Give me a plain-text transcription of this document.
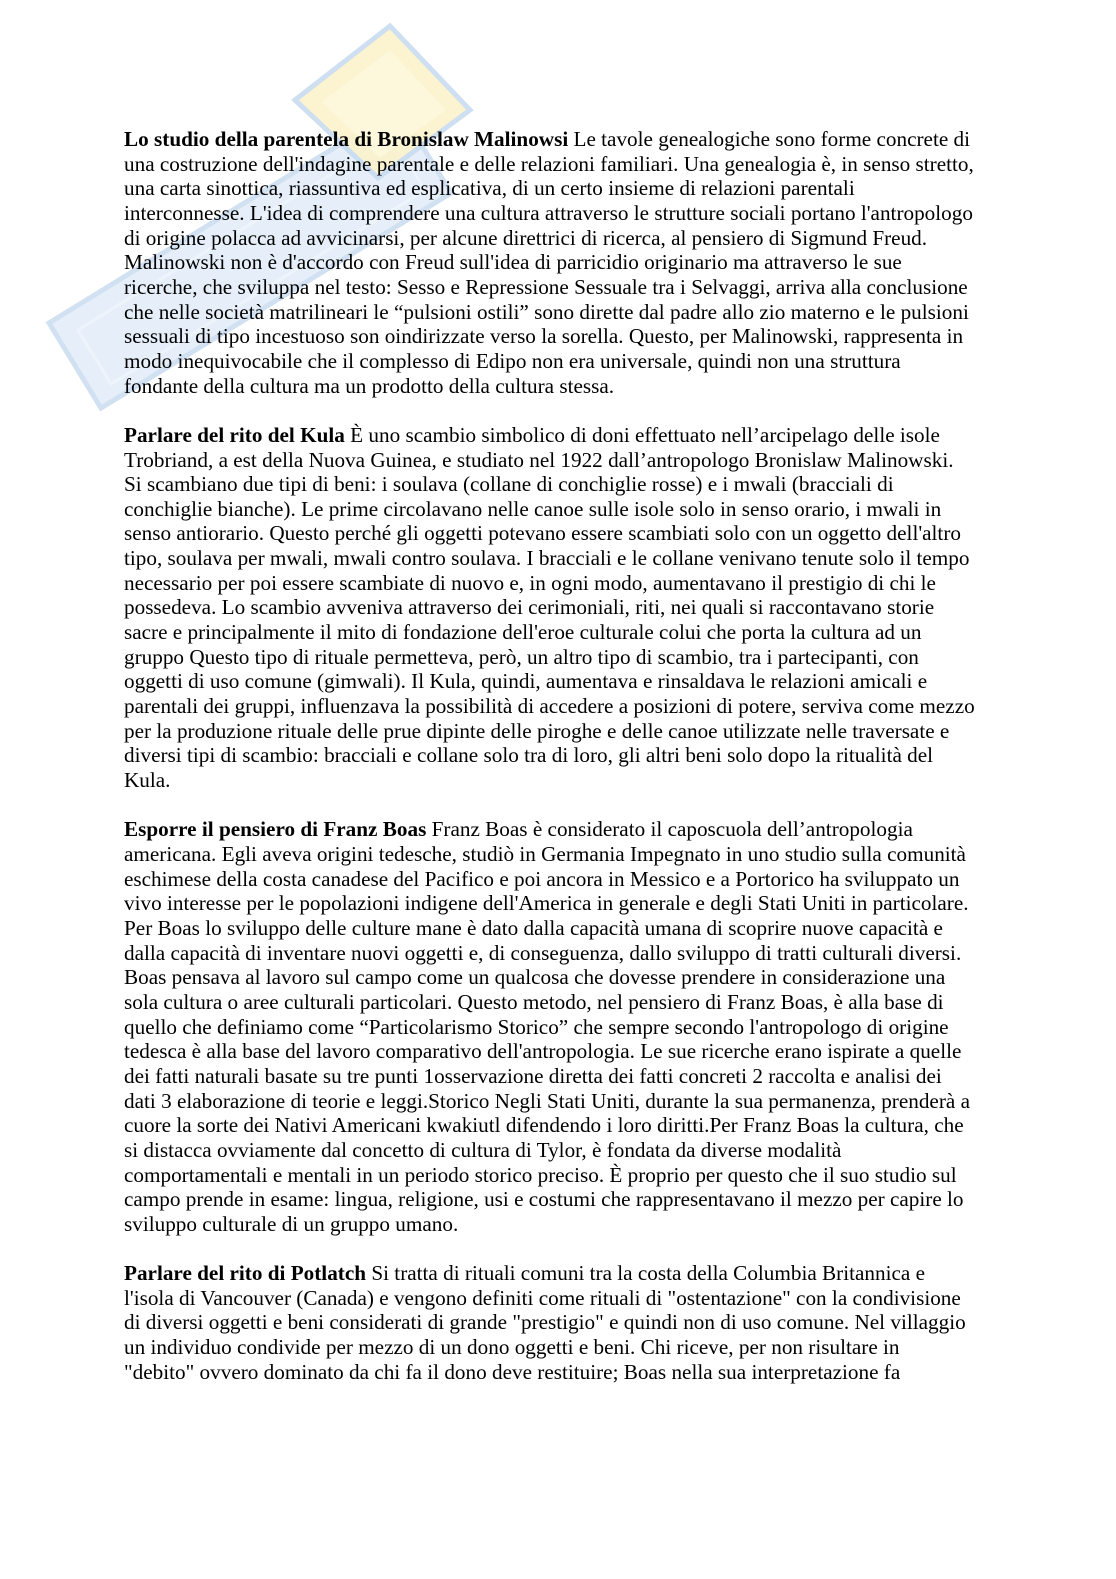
Lo studio della parentela di Bronislaw Malinowsi Le tavole genealogiche sono forme concrete di
una costruzione dell'indagine parentale e delle relazioni familiari. Una genealogia è, in senso stretto,
una carta sinottica, riassuntiva ed esplicativa, di un certo insieme di relazioni parentali
interconnesse. L'idea di comprendere una cultura attraverso le strutture sociali portano l'antropologo
di origine polacca ad avvicinarsi, per alcune direttrici di ricerca, al pensiero di Sigmund Freud.
Malinowski non è d'accordo con Freud sull'idea di parricidio originario ma attraverso le sue
ricerche, che sviluppa nel testo: Sesso e Repressione Sessuale tra i Selvaggi, arriva alla conclusione
che nelle società matrilineari le “pulsioni ostili” sono dirette dal padre allo zio materno e le pulsioni
sessuali di tipo incestuoso son oindirizzate verso la sorella. Questo, per Malinowski, rappresenta in
modo inequivocabile che il complesso di Edipo non era universale, quindi non una struttura
fondante della cultura ma un prodotto della cultura stessa.
Parlare del rito del Kula È uno scambio simbolico di doni effettuato nell’arcipelago delle isole
Trobriand, a est della Nuova Guinea, e studiato nel 1922 dall’antropologo Bronislaw Malinowski.
Si scambiano due tipi di beni: i soulava (collane di conchiglie rosse) e i mwali (bracciali di
conchiglie bianche). Le prime circolavano nelle canoe sulle isole solo in senso orario, i mwali in
senso antiorario. Questo perché gli oggetti potevano essere scambiati solo con un oggetto dell'altro
tipo, soulava per mwali, mwali contro soulava. I bracciali e le collane venivano tenute solo il tempo
necessario per poi essere scambiate di nuovo e, in ogni modo, aumentavano il prestigio di chi le
possedeva. Lo scambio avveniva attraverso dei cerimoniali, riti, nei quali si raccontavano storie
sacre e principalmente il mito di fondazione dell'eroe culturale colui che porta la cultura ad un
gruppo Questo tipo di rituale permetteva, però, un altro tipo di scambio, tra i partecipanti, con
oggetti di uso comune (gimwali). Il Kula, quindi, aumentava e rinsaldava le relazioni amicali e
parentali dei gruppi, influenzava la possibilità di accedere a posizioni di potere, serviva come mezzo
per la produzione rituale delle prue dipinte delle piroghe e delle canoe utilizzate nelle traversate e
diversi tipi di scambio: bracciali e collane solo tra di loro, gli altri beni solo dopo la ritualità del
Kula.
Esporre il pensiero di Franz Boas Franz Boas è considerato il caposcuola dell’antropologia
americana. Egli aveva origini tedesche, studiò in Germania Impegnato in uno studio sulla comunità
eschimese della costa canadese del Pacifico e poi ancora in Messico e a Portorico ha sviluppato un
vivo interesse per le popolazioni indigene dell'America in generale e degli Stati Uniti in particolare.
Per Boas lo sviluppo delle culture mane è dato dalla capacità umana di scoprire nuove capacità e
dalla capacità di inventare nuovi oggetti e, di conseguenza, dallo sviluppo di tratti culturali diversi.
Boas pensava al lavoro sul campo come un qualcosa che dovesse prendere in considerazione una
sola cultura o aree culturali particolari. Questo metodo, nel pensiero di Franz Boas, è alla base di
quello che definiamo come “Particolarismo Storico” che sempre secondo l'antropologo di origine
tedesca è alla base del lavoro comparativo dell'antropologia. Le sue ricerche erano ispirate a quelle
dei fatti naturali basate su tre punti 1osservazione diretta dei fatti concreti 2 raccolta e analisi dei
dati 3 elaborazione di teorie e leggi.Storico Negli Stati Uniti, durante la sua permanenza, prenderà a
cuore la sorte dei Nativi Americani kwakiutl difendendo i loro diritti.Per Franz Boas la cultura, che
si distacca ovviamente dal concetto di cultura di Tylor, è fondata da diverse modalità
comportamentali e mentali in un periodo storico preciso. È proprio per questo che il suo studio sul
campo prende in esame: lingua, religione, usi e costumi che rappresentavano il mezzo per capire lo
sviluppo culturale di un gruppo umano.
Parlare del rito di Potlatch Si tratta di rituali comuni tra la costa della Columbia Britannica e
l'isola di Vancouver (Canada) e vengono definiti come rituali di "ostentazione" con la condivisione
di diversi oggetti e beni considerati di grande "prestigio" e quindi non di uso comune. Nel villaggio
un individuo condivide per mezzo di un dono oggetti e beni. Chi riceve, per non risultare in
"debito" ovvero dominato da chi fa il dono deve restituire; Boas nella sua interpretazione fa
